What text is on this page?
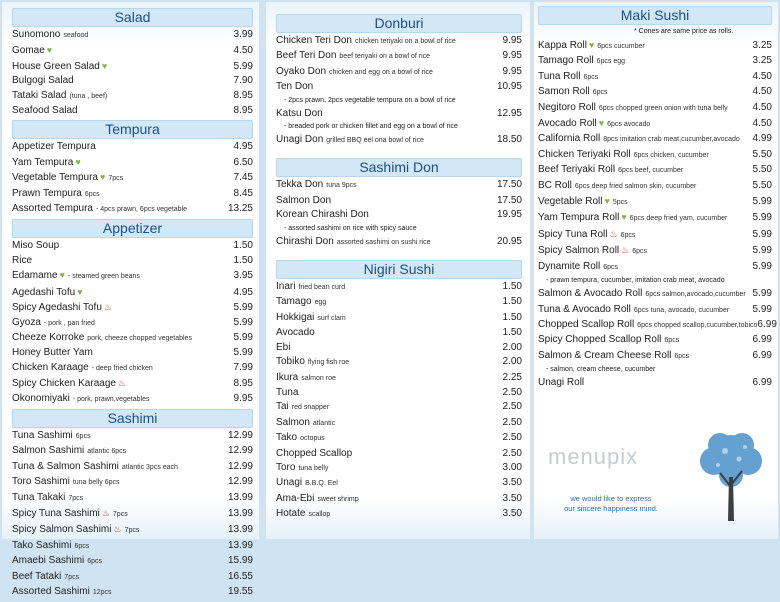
Salad
Sunomono seafood	3.99
Gomae ♥	4.50
House Green Salad ♥	5.99
Bulgogi Salad	7.90
Tataki Salad (tuna , beef)	8.95
Seafood Salad	8.95
Tempura
Appetizer Tempura	4.95
Yam Tempura ♥	6.50
Vegetable Tempura ♥ 7pcs	7.45
Prawn Tempura 6pcs	8.45
Assorted Tempura - 4pcs prawn, 6pcs vegetable	13.25
Appetizer
Miso Soup	1.50
Rice	1.50
Edamame ♥ - steamed green beans	3.95
Agedashi Tofu ♥	4.95
Spicy Agedashi Tofu ♨	5.99
Gyoza - pork , pan fried	5.99
Cheeze Korroke pork, cheeze chopped vegetables	5.99
Honey Butter Yam	5.99
Chicken Karaage - deep fried chicken	7.99
Spicy Chicken Karaage ♨	8.95
Okonomiyaki - pork, prawn,vegetables	9.95
Sashimi
Tuna Sashimi 6pcs	12.99
Salmon Sashimi atlantic 6pcs	12.99
Tuna & Salmon Sashimi atlantic 3pcs each	12.99
Toro Sashimi tuna belly 6pcs	12.99
Tuna Takaki 7pcs	13.99
Spicy Tuna Sashimi ♨ 7pcs	13.99
Spicy Salmon Sashimi ♨ 7pcs	13.99
Tako Sashimi 6pcs	13.99
Amaebi Sashimi 6pcs	15.99
Beef Tataki 7pcs	16.55
Assorted Sashimi 12pcs	19.55
Donburi
Chicken Teri Don chicken teriyaki on a bowl of rice	9.95
Beef Teri Don beef teriyaki on a bowl of rice	9.95
Oyako Don chicken and egg on a bowl of rice	9.95
Ten Don	10.95
- 2pcs prawn, 2pcs vegetable tempura on a bowl of rice
Katsu Don	12.95
- breaded pork or chicken fillet and egg on a bowl of rice
Unagi Don grilled BBQ eel ona bowl of rice	18.50
Sashimi Don
Tekka Don tuna 9pcs	17.50
Salmon Don	17.50
Korean Chirashi Don	19.95
- assorted sashimi on rice with spicy sauce
Chirashi Don assorted sashimi on sushi rice	20.95
Nigiri Sushi
Inari fried bean curd	1.50
Tamago egg	1.50
Hokkigai surf clam	1.50
Avocado	1.50
Ebi	2.00
Tobiko flying fish roe	2.00
Ikura salmon roe	2.25
Tuna	2.50
Tai red snapper	2.50
Salmon atlantic	2.50
Tako octopus	2.50
Chopped Scallop	2.50
Toro tuna belly	3.00
Unagi B.B.Q. Eel	3.50
Ama-Ebi sweet shrimp	3.50
Hotate scallop	3.50
Maki Sushi
* Cones are same price as rolls.
Kappa Roll ♥ 6pcs cucumber	3.25
Tamago Roll 6pcs egg	3.25
Tuna Roll 6pcs	4.50
Samon Roll 6pcs	4.50
Negitoro Roll 6pcs chopped green onion with tuna belly	4.50
Avocado Roll ♥ 6pcs avocado	4.50
California Roll 8pcs imitation crab meat,cucumber,avocado	4.99
Chicken Teriyaki Roll 6pcs chicken, cucumber	5.50
Beef Teriyaki Roll 6pcs beef, cucumber	5.50
BC Roll 6pcs deep fried salmon skin, cucumber	5.50
Vegetable Roll ♥ 5pcs	5.99
Yam Tempura Roll ♥ 6pcs deep fried yam, cucumber	5.99
Spicy Tuna Roll ♨ 6pcs	5.99
Spicy Salmon Roll ♨ 6pcs	5.99
Dynamite Roll 6pcs	5.99
- prawn tempura, cucumber, imitation crab meat, avocado
Salmon & Avocado Roll 6pcs salmon,avocado,cucumber 5.99
Tuna & Avocado Roll 6pcs tuna, avocado, cucumber	5.99
Chopped Scallop Roll 6pcs chopped scallop,cucumber,tobico 6.99
Spicy Chopped Scallop Roll 6pcs	6.99
Salmon & Cream Cheese Roll 6pcs	6.99
- salmon, cream cheese, cucumber
Unagi Roll	6.99
menupix
we would like to express
our sincere happiness mind.
